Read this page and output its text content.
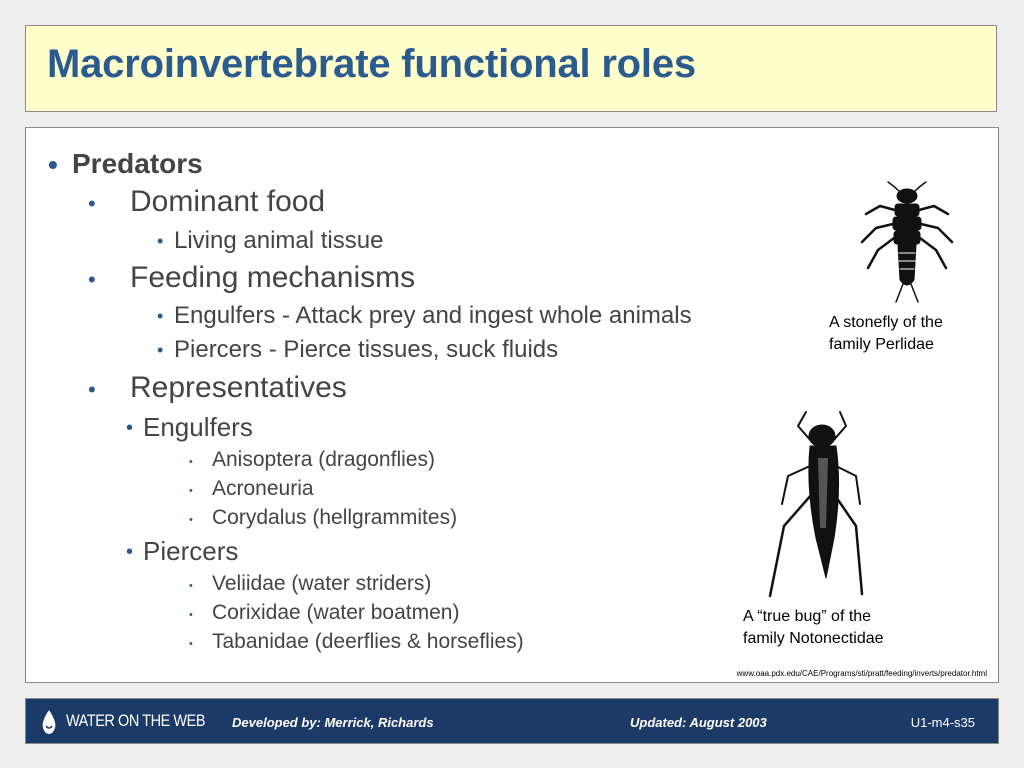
Macroinvertebrate functional roles
• Predators
• Dominant food
• Living animal tissue
• Feeding mechanisms
• Engulfers - Attack prey and ingest whole animals
• Piercers - Pierce tissues, suck fluids
• Representatives
• Engulfers
• Anisoptera (dragonflies)
• Acroneuria
• Corydalus (hellgrammites)
• Piercers
• Veliidae (water striders)
• Corixidae (water boatmen)
• Tabanidae (deerflies & horseflies)
A stonefly of the
family Perlidae
A “true bug” of the
family Notonectidae
www.oaa.pdx.edu/CAE/Programs/sti/pratt/feeding/inverts/predator.html
WATER ON THE WEB Developed by: Merrick, Richards	Updated: August 2003	U1-m4-s35
